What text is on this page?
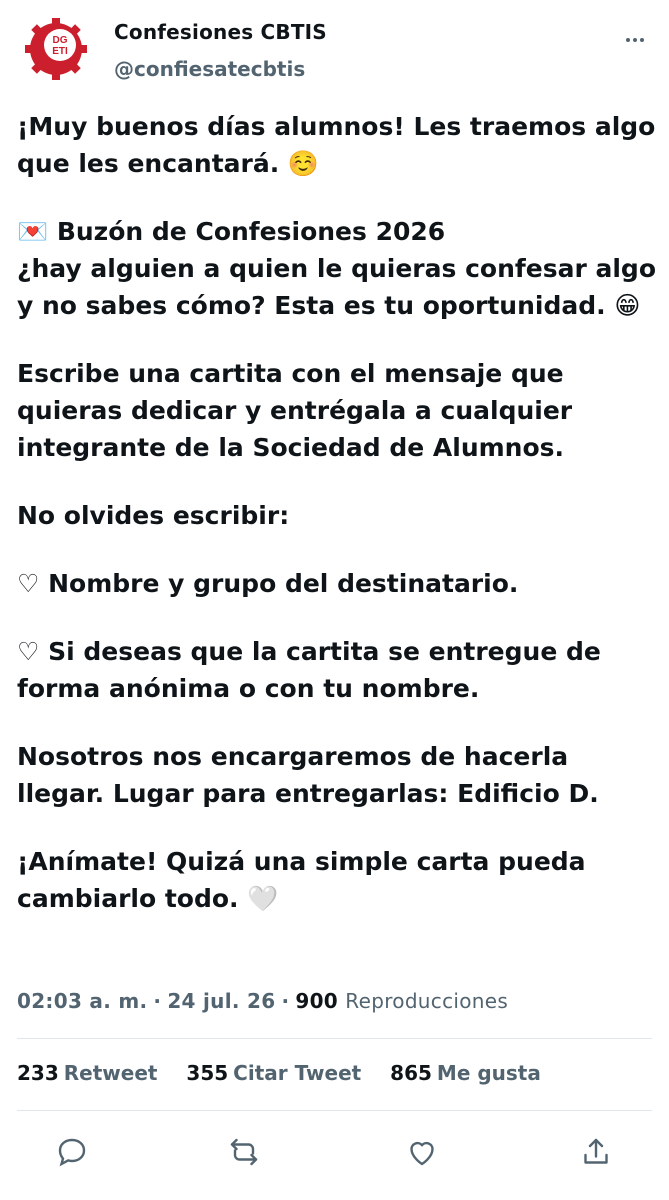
DG
ETI
Confesiones CBTIS
@confiesatecbtis

¡Muy buenos días alumnos! Les traemos algo que les encantará. ☺️

💌 Buzón de Confesiones 2026
¿hay alguien a quien le quieras confesar algo y no sabes cómo? Esta es tu oportunidad. 😁

Escribe una cartita con el mensaje que quieras dedicar y entrégala a cualquier integrante de la Sociedad de Alumnos.

No olvides escribir:

♡ Nombre y grupo del destinatario.

♡ Si deseas que la cartita se entregue de forma anónima o con tu nombre.

Nosotros nos encargaremos de hacerla llegar. Lugar para entregarlas: Edificio D.

¡Anímate! Quizá una simple carta pueda cambiarlo todo. 🤍

02:03 a. m. · 24 jul. 26 · 900 Reproducciones
233 Retweet 355 Citar Tweet 865 Me gusta
